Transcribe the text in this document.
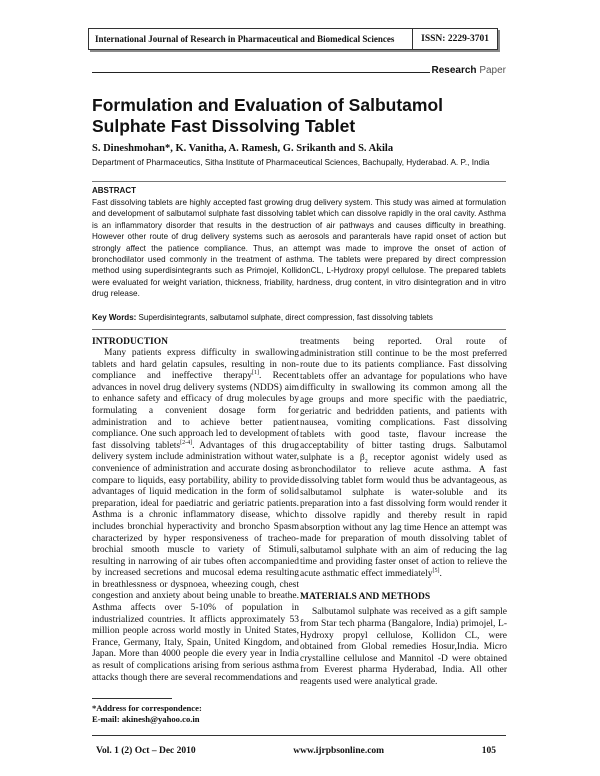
International Journal of Research in Pharmaceutical and Biomedical Sciences	ISSN: 2229-3701
Research Paper
Formulation and Evaluation of Salbutamol Sulphate Fast Dissolving Tablet
S. Dineshmohan*, K. Vanitha, A. Ramesh, G. Srikanth and S. Akila
Department of Pharmaceutics, Sitha Institute of Pharmaceutical Sciences, Bachupally, Hyderabad. A. P., India
ABSTRACT

Fast dissolving tablets are highly accepted fast growing drug delivery system. This study was aimed at formulation and development of salbutamol sulphate fast dissolving tablet which can dissolve rapidly in the oral cavity. Asthma is an inflammatory disorder that results in the destruction of air pathways and causes difficulty in breathing. However other route of drug delivery systems such as aerosols and paranterals have rapid onset of action but strongly affect the patience compliance. Thus, an attempt was made to improve the onset of action of bronchodilator used commonly in the treatment of asthma. The tablets were prepared by direct compression method using superdisintegrants such as Primojel, KollidonCL, L-Hydroxy propyl cellulose. The prepared tablets were evaluated for weight variation, thickness, friability, hardness, drug content, in vitro disintegration and in vitro drug release.

Key Words: Superdisintegrants, salbutamol sulphate, direct compression, fast dissolving tablets
INTRODUCTION

Many patients express difficulty in swallowing tablets and hard gelatin capsules, resulting in non-compliance and ineffective therapy[1]. Recent advances in novel drug delivery systems (NDDS) aim to enhance safety and efficacy of drug molecules by formulating a convenient dosage form for administration and to achieve better patient compliance. One such approach led to development of fast dissolving tablets[2-4]. Advantages of this drug delivery system include administration without water, convenience of administration and accurate dosing as compare to liquids, easy portability, ability to provide advantages of liquid medication in the form of solid preparation, ideal for paediatric and geriatric patients. Asthma is a chronic inflammatory disease, which includes bronchial hyperactivity and broncho Spasm characterized by hyper responsiveness of tracheo-brochial smooth muscle to variety of Stimuli, resulting in narrowing of air tubes often accompanied by increased secretions and mucosal edema resulting in breathlessness or dyspnoea, wheezing cough, chest congestion and anxiety about being unable to breathe. Asthma affects over 5-10% of population in industrialized countries. It afflicts approximately 53 million people across world mostly in United States, France, Germany, Italy, Spain, United Kingdom, and Japan. More than 4000 people die every year in India as result of complications arising from serious asthma attacks though there are several recommendations and

treatments being reported. Oral route of administration still continue to be the most preferred route due to its patients compliance. Fast dissolving tablets offer an advantage for populations who have difficulty in swallowing its common among all the age groups and more specific with the paediatric, geriatric and bedridden patients, and patients with nausea, vomiting complications. Fast dissolving tablets with good taste, flavour increase the acceptability of bitter tasting drugs. Salbutamol sulphate is a $\beta_2$ receptor agonist widely used as bronchodilator to relieve acute asthma. A fast dissolving tablet form would thus be advantageous, as salbutamol sulphate is water-soluble and its preparation into a fast dissolving form would render it to dissolve rapidly and thereby result in rapid absorption without any lag time Hence an attempt was made for preparation of mouth dissolving tablet of salbutamol sulphate with an aim of reducing the lag time and providing faster onset of action to relieve the acute asthmatic effect immediately[5].

MATERIALS AND METHODS

Salbutamol sulphate was received as a gift sample from Star tech pharma (Bangalore, India) primojel, L-Hydroxy propyl cellulose, Kollidon CL, were obtained from Global remedies Hosur,India. Micro crystalline cellulose and Mannitol -D were obtained from Everest pharma Hyderabad, India. All other reagents used were analytical grade.

*Address for correspondence:
E-mail: akinesh@yahoo.co.in
Vol. 1 (2) Oct – Dec 2010	www.ijrpbsonline.com	105
